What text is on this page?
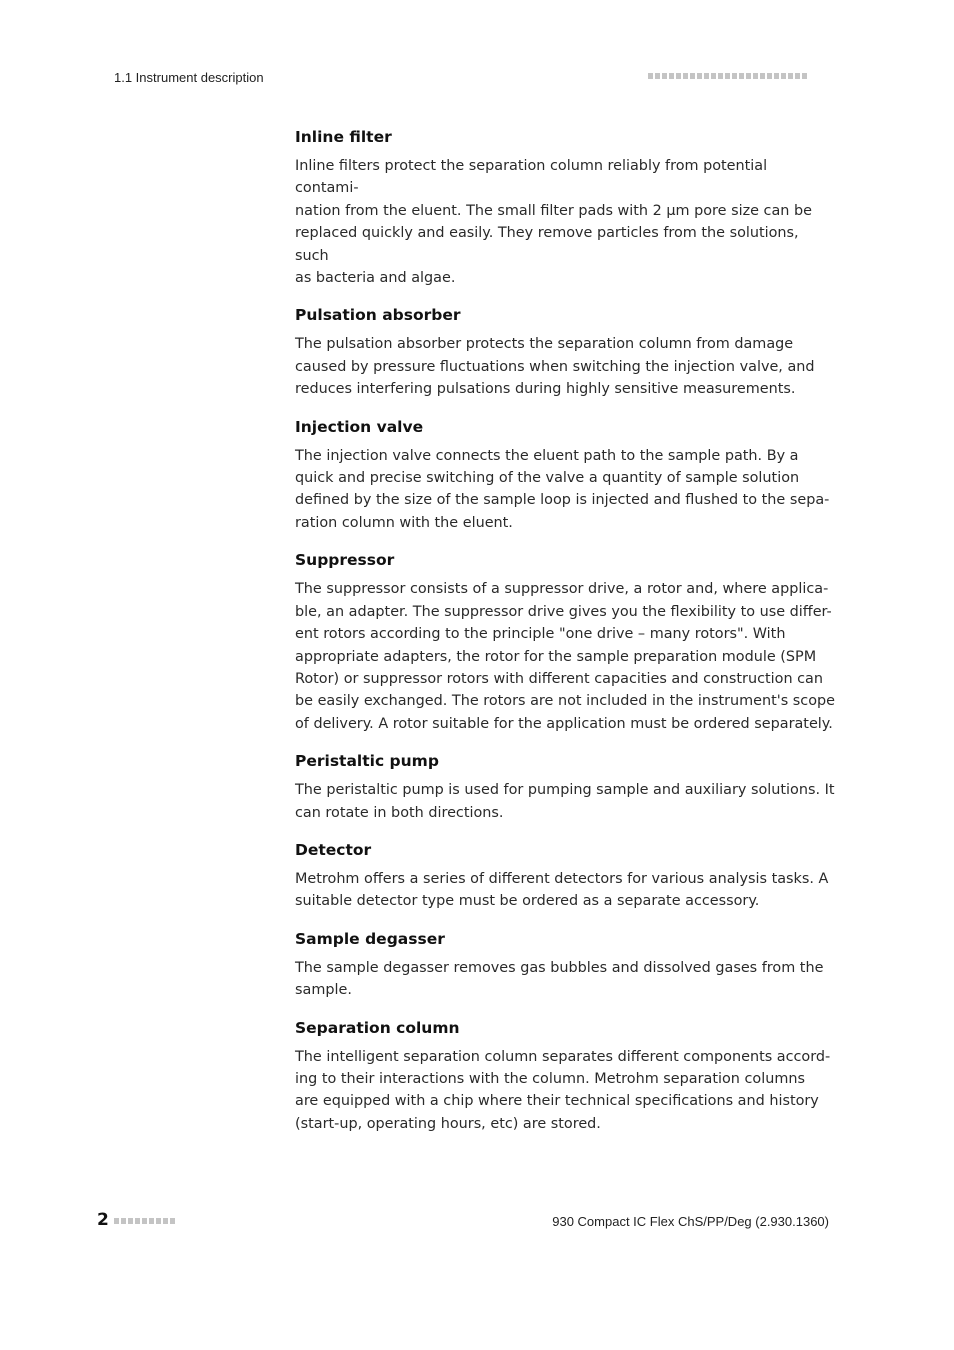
1.1 Instrument description
Inline filter

Inline filters protect the separation column reliably from potential contami-
nation from the eluent. The small filter pads with 2 µm pore size can be
replaced quickly and easily. They remove particles from the solutions, such
as bacteria and algae.

Pulsation absorber

The pulsation absorber protects the separation column from damage
caused by pressure fluctuations when switching the injection valve, and
reduces interfering pulsations during highly sensitive measurements.

Injection valve

The injection valve connects the eluent path to the sample path. By a
quick and precise switching of the valve a quantity of sample solution
defined by the size of the sample loop is injected and flushed to the sepa-
ration column with the eluent.

Suppressor

The suppressor consists of a suppressor drive, a rotor and, where applica-
ble, an adapter. The suppressor drive gives you the flexibility to use differ-
ent rotors according to the principle "one drive – many rotors". With
appropriate adapters, the rotor for the sample preparation module (SPM
Rotor) or suppressor rotors with different capacities and construction can
be easily exchanged. The rotors are not included in the instrument's scope
of delivery. A rotor suitable for the application must be ordered separately.

Peristaltic pump

The peristaltic pump is used for pumping sample and auxiliary solutions. It
can rotate in both directions.

Detector

Metrohm offers a series of different detectors for various analysis tasks. A
suitable detector type must be ordered as a separate accessory.

Sample degasser

The sample degasser removes gas bubbles and dissolved gases from the
sample.

Separation column

The intelligent separation column separates different components accord-
ing to their interactions with the column. Metrohm separation columns
are equipped with a chip where their technical specifications and history
(start-up, operating hours, etc) are stored.

2	930 Compact IC Flex ChS/PP/Deg (2.930.1360)
